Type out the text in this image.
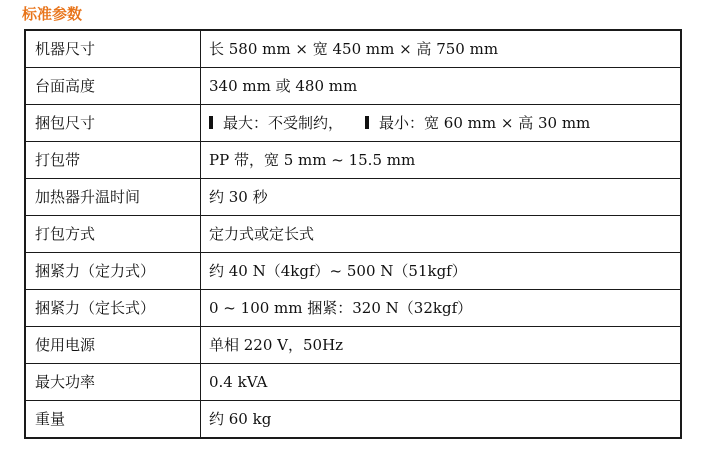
标准参数
机器尺寸	长 580 mm × 宽 450 mm × 高 750 mm
台面高度	340 mm 或 480 mm
捆包尺寸	最大：不受制约， 最小：宽 60 mm × 高 30 mm
打包带	PP 带，宽 5 mm ~ 15.5 mm
加热器升温时间	约 30 秒
打包方式	定力式或定长式
捆紧力（定力式）	约 40 N（4kgf）~ 500 N（51kgf）
捆紧力（定长式）	0 ~ 100 mm 捆紧：320 N（32kgf）
使用电源	单相 220 V，50Hz
最大功率	0.4 kVA
重量	约 60 kg
